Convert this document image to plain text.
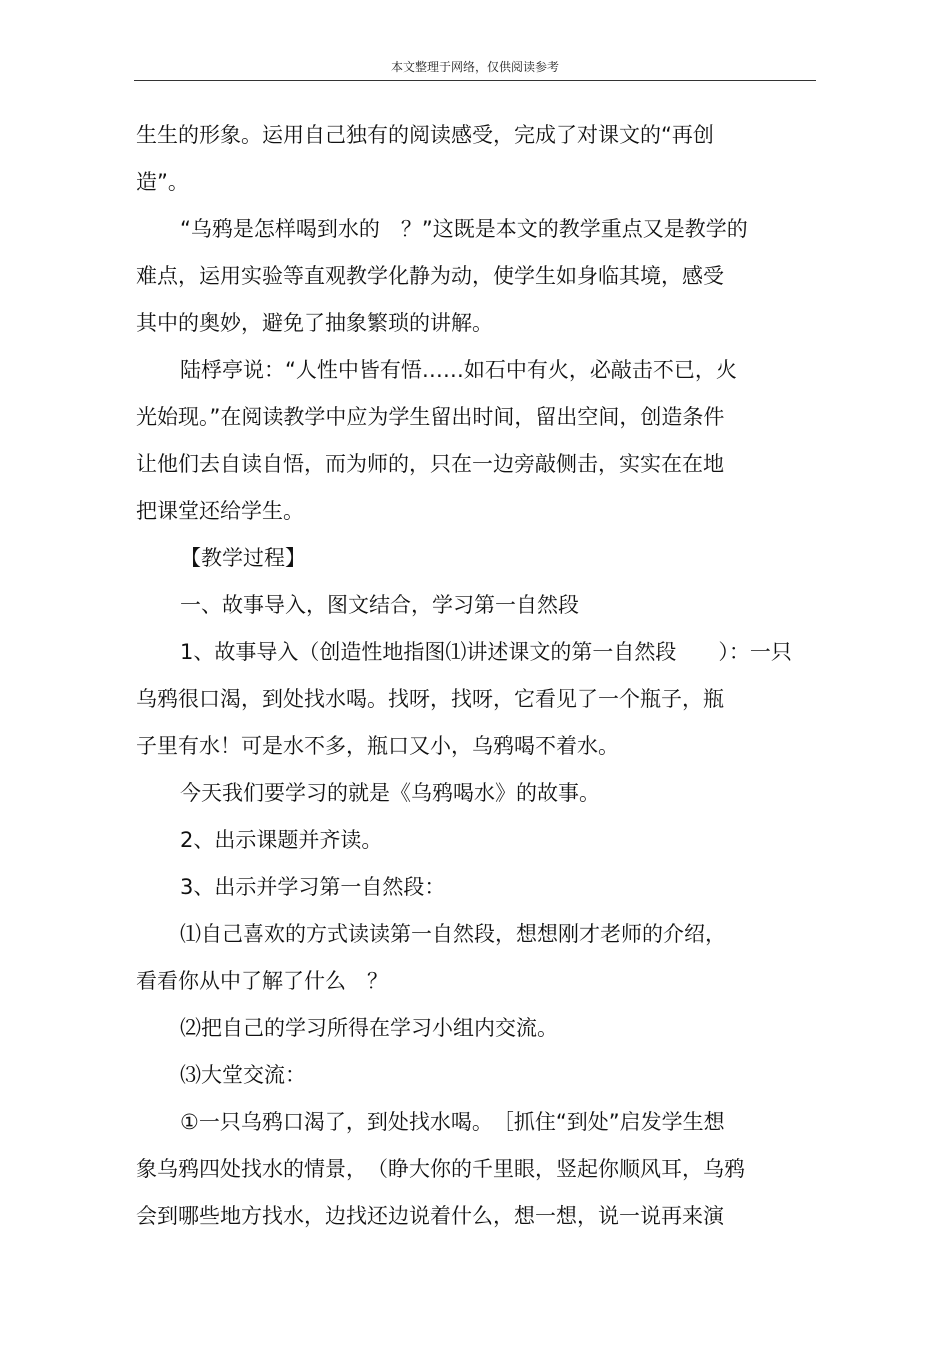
本文整理于网络，仅供阅读参考
生生的形象。运用自己独有的阅读感受，完成了对课文的“再创
造”。
“乌鸦是怎样喝到水的　？”这既是本文的教学重点又是教学的
难点，运用实验等直观教学化静为动，使学生如身临其境，感受
其中的奥妙，避免了抽象繁琐的讲解。
陆桴亭说：“人性中皆有悟……如石中有火，必敲击不已，火
光始现。”在阅读教学中应为学生留出时间，留出空间，创造条件
让他们去自读自悟，而为师的，只在一边旁敲侧击，实实在在地
把课堂还给学生。
【教学过程】
一、故事导入，图文结合，学习第一自然段
1、故事导入（创造性地指图⑴讲述课文的第一自然段　　）：一只
乌鸦很口渴，到处找水喝。找呀，找呀，它看见了一个瓶子，瓶
子里有水！可是水不多，瓶口又小，乌鸦喝不着水。
今天我们要学习的就是《乌鸦喝水》的故事。
2、出示课题并齐读。
3、出示并学习第一自然段：
⑴自己喜欢的方式读读第一自然段，想想刚才老师的介绍，
看看你从中了解了什么　？
⑵把自己的学习所得在学习小组内交流。
⑶大堂交流：
①一只乌鸦口渴了，到处找水喝。　［抓住“到处”启发学生想
象乌鸦四处找水的情景，　（睁大你的千里眼，竖起你顺风耳，乌鸦
会到哪些地方找水，边找还边说着什么，想一想，说一说再来演
